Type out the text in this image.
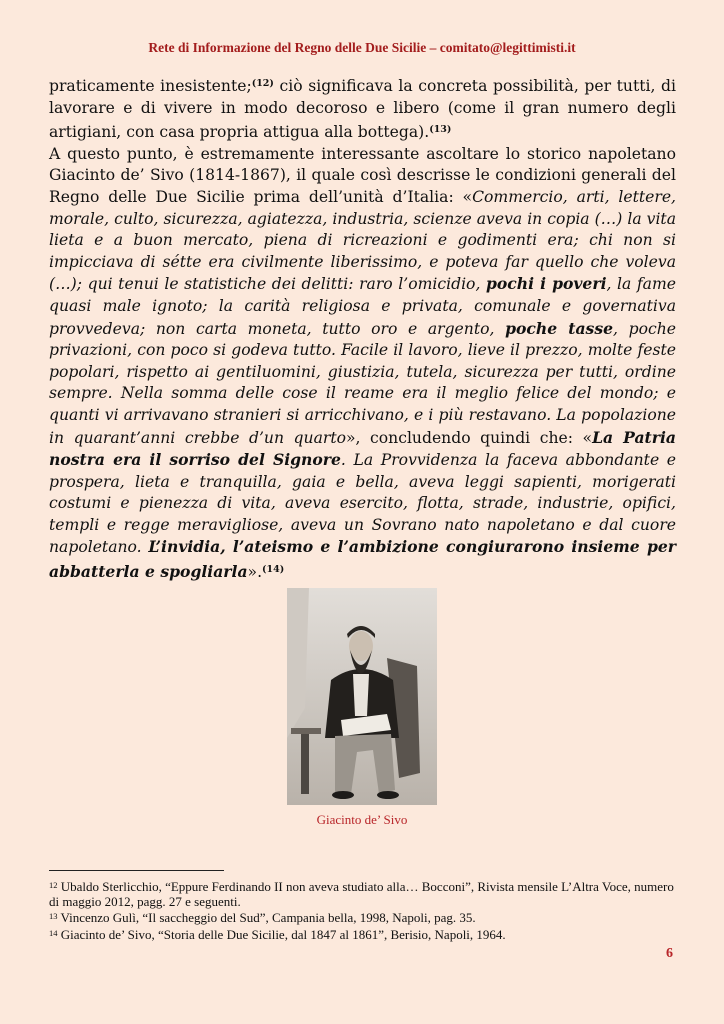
Rete di Informazione del Regno delle Due Sicilie – comitato@legittimisti.it

praticamente inesistente;$^{(12)}$ ciò significava la concreta possibilità, per tutti, di lavorare e di vivere in modo decoroso e libero (come il gran numero degli artigiani, con casa propria attigua alla bottega).$^{(13)}$

A questo punto, è estremamente interessante ascoltare lo storico napoletano Giacinto de’ Sivo (1814-1867), il quale così descrisse le condizioni generali del Regno delle Due Sicilie prima dell’unità d’Italia: «Commercio, arti, lettere, morale, culto, sicurezza, agiatezza, industria, scienze aveva in copia (…) la vita lieta e a buon mercato, piena di ricreazioni e godimenti era; chi non si impicciava di sétte era civilmente liberissimo, e poteva far quello che voleva (…); qui tenui le statistiche dei delitti: raro l’omicidio, pochi i poveri, la fame quasi male ignoto; la carità religiosa e privata, comunale e governativa provvedeva; non carta moneta, tutto oro e argento, poche tasse, poche privazioni, con poco si godeva tutto. Facile il lavoro, lieve il prezzo, molte feste popolari, rispetto ai gentiluomini, giustizia, tutela, sicurezza per tutti, ordine sempre. Nella somma delle cose il reame era il meglio felice del mondo; e quanti vi arrivavano stranieri si arricchivano, e i più restavano. La popolazione in quarant’anni crebbe d’un quarto», concludendo quindi che: «La Patria nostra era il sorriso del Signore. La Provvidenza la faceva abbondante e prospera, lieta e tranquilla, gaia e bella, aveva leggi sapienti, morigerati costumi e pienezza di vita, aveva esercito, flotta, strade, industrie, opifici, templi e regge meravigliose, aveva un Sovrano nato napoletano e dal cuore napoletano. L’invidia, l’ateismo e l’ambizione congiurarono insieme per abbatterla e spogliarla».$^{(14)}$

Giacinto de’ Sivo
$^{12}$ Ubaldo Sterlicchio, “Eppure Ferdinando II non aveva studiato alla… Bocconi”, Rivista mensile L’Altra Voce, numero di maggio 2012, pagg. 27 e seguenti.
$^{13}$ Vincenzo Gulì, “Il saccheggio del Sud”, Campania bella, 1998, Napoli, pag. 35.
$^{14}$ Giacinto de’ Sivo, “Storia delle Due Sicilie, dal 1847 al 1861”, Berisio, Napoli, 1964.
6
